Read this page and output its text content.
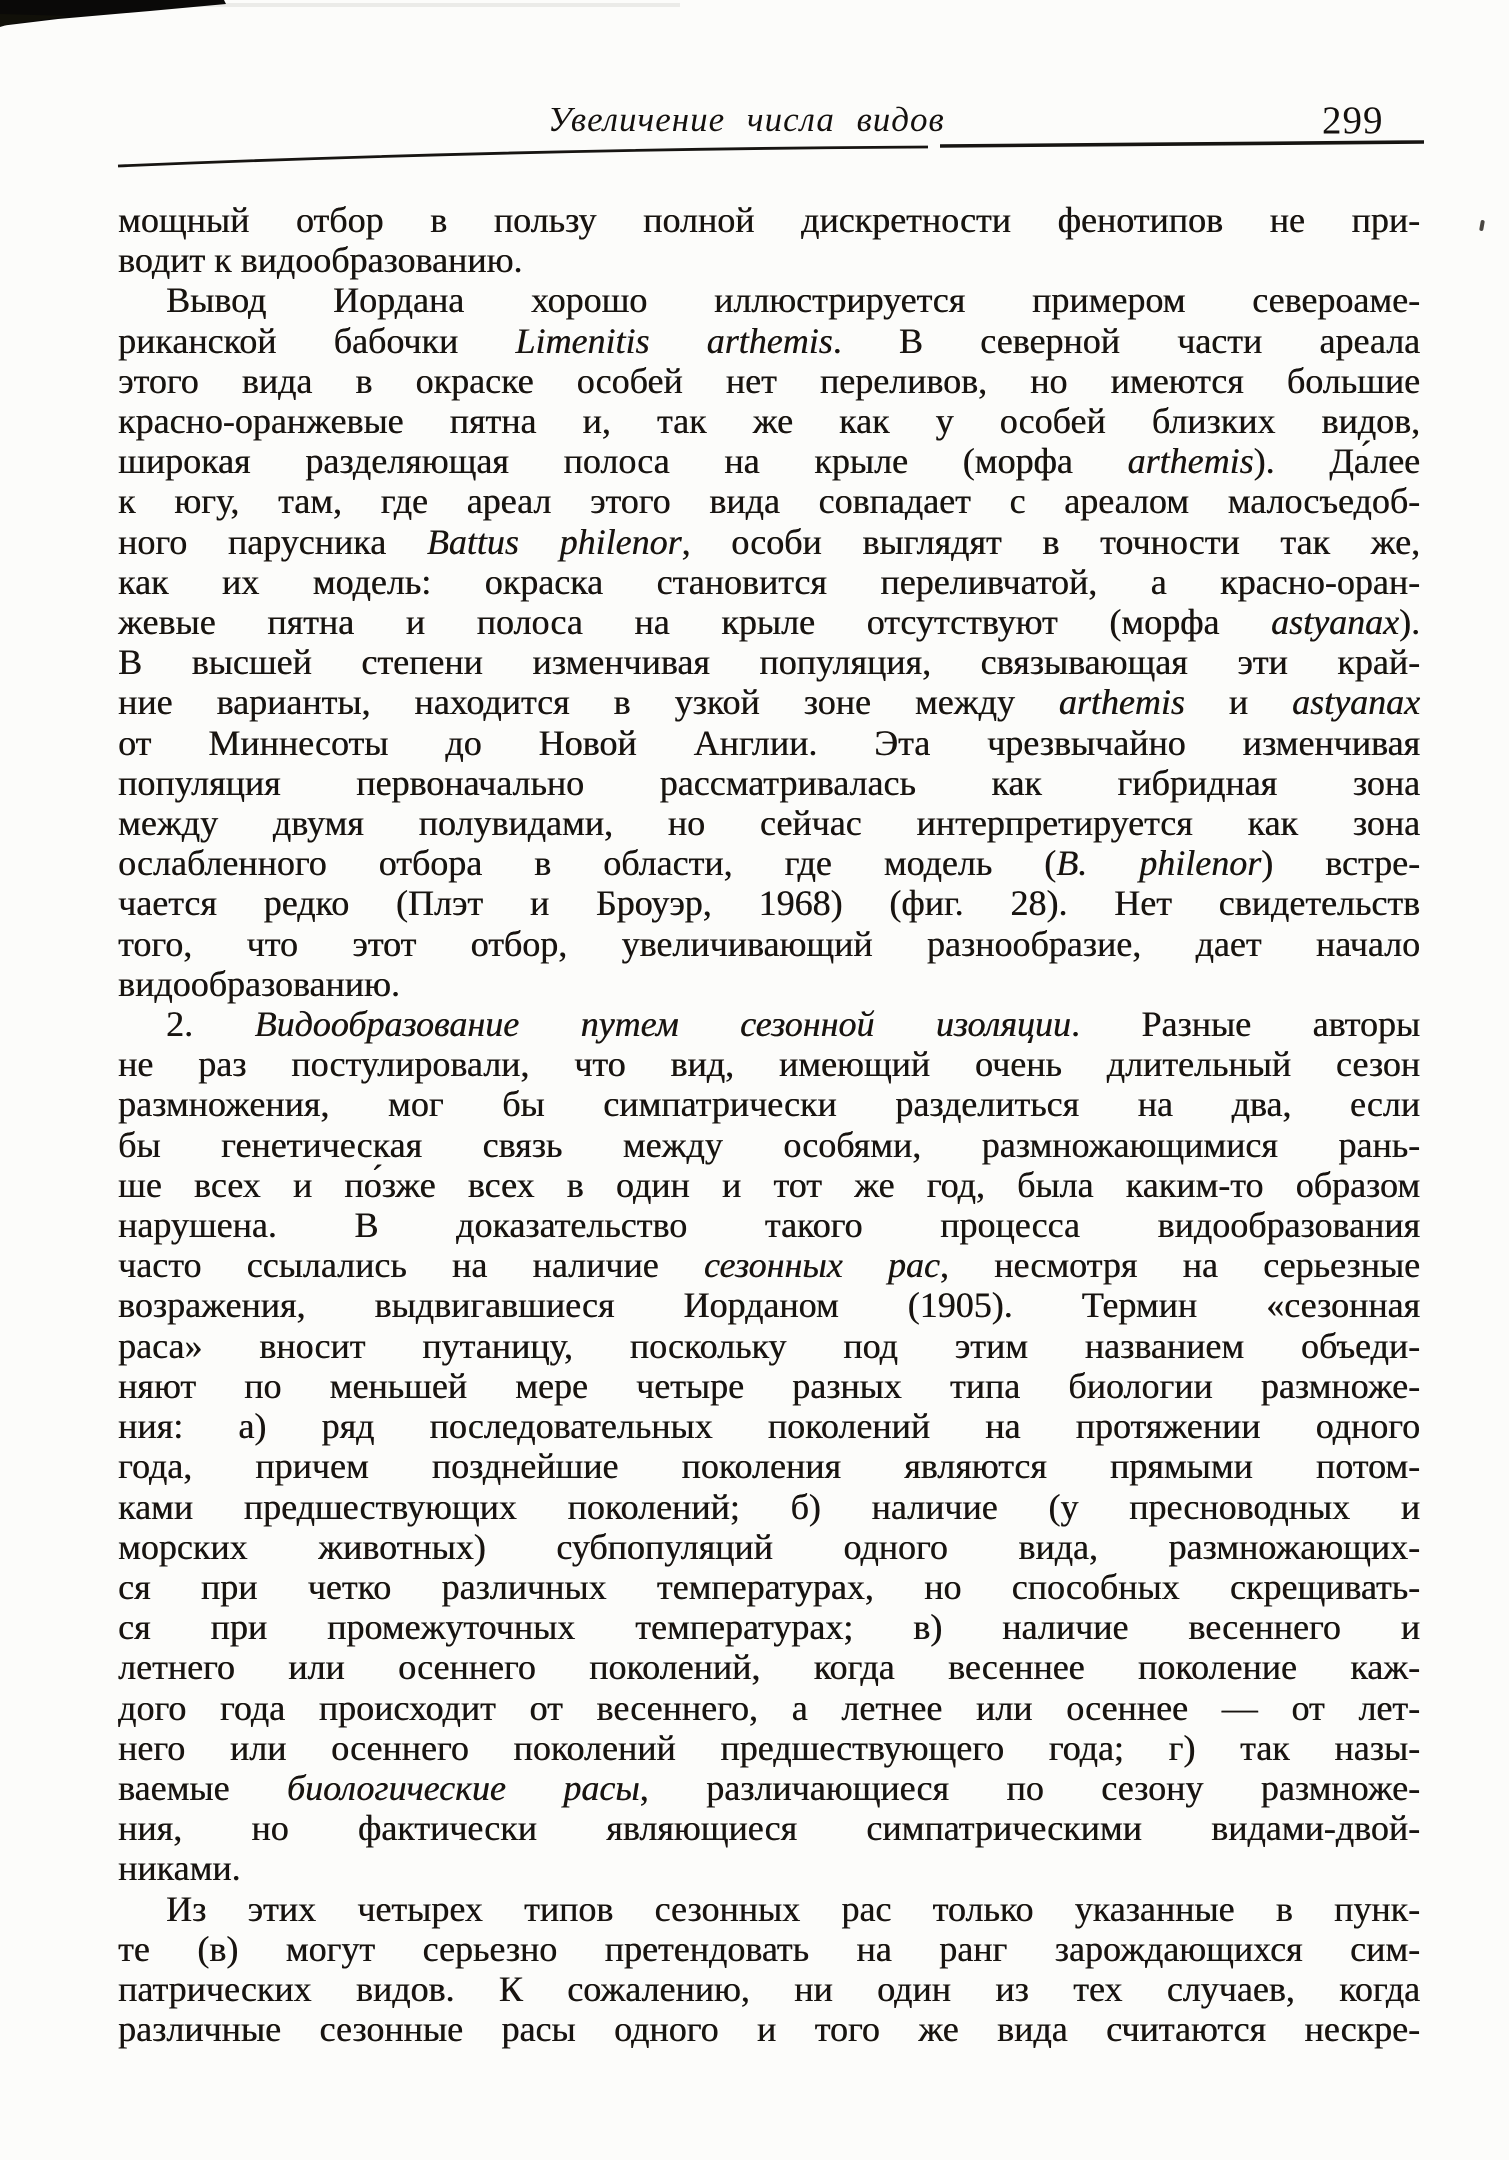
Увеличение числа видов	299
мощный отбор в пользу полной дискретности фенотипов не при-
водит к видообразованию.
Вывод Иордана хорошо иллюстрируется примером североаме-
риканской бабочки Limenitis arthemis. В северной части ареала
этого вида в окраске особей нет переливов, но имеются большие
красно-оранжевые пятна и, так же как у особей близких видов,
широкая разделяющая полоса на крыле (морфа arthemis). Да́лее
к югу, там, где ареал этого вида совпадает с ареалом малосъедоб-
ного парусника Battus philenor, особи выглядят в точности так же,
как их модель: окраска становится переливчатой, а красно-оран-
жевые пятна и полоса на крыле отсутствуют (морфа astyanax).
В высшей степени изменчивая популяция, связывающая эти край-
ние варианты, находится в узкой зоне между arthemis и astyanax
от Миннесоты до Новой Англии. Эта чрезвычайно изменчивая
популяция первоначально рассматривалась как гибридная зона
между двумя полувидами, но сейчас интерпретируется как зона
ослабленного отбора в области, где модель (B. philenor) встре-
чается редко (Плэт и Броуэр, 1968) (фиг. 28). Нет свидетельств
того, что этот отбор, увеличивающий разнообразие, дает начало
видообразованию.
2. Видообразование путем сезонной изоляции. Разные авторы
не раз постулировали, что вид, имеющий очень длительный сезон
размножения, мог бы симпатрически разделиться на два, если
бы генетическая связь между особями, размножающимися рань-
ше всех и по́зже всех в один и тот же год, была каким-то образом
нарушена. В доказательство такого процесса видообразования
часто ссылались на наличие сезонных рас, несмотря на серьезные
возражения, выдвигавшиеся Иорданом (1905). Термин «сезонная
раса» вносит путаницу, поскольку под этим названием объеди-
няют по меньшей мере четыре разных типа биологии размноже-
ния: а) ряд последовательных поколений на протяжении одного
года, причем позднейшие поколения являются прямыми потом-
ками предшествующих поколений; б) наличие (у пресноводных и
морских животных) субпопуляций одного вида, размножающих-
ся при четко различных температурах, но способных скрещивать-
ся при промежуточных температурах; в) наличие весеннего и
летнего или осеннего поколений, когда весеннее поколение каж-
дого года происходит от весеннего, а летнее или осеннее — от лет-
него или осеннего поколений предшествующего года; г) так назы-
ваемые биологические расы, различающиеся по сезону размноже-
ния, но фактически являющиеся симпатрическими видами-двой-
никами.
Из этих четырех типов сезонных рас только указанные в пунк-
те (в) могут серьезно претендовать на ранг зарождающихся сим-
патрических видов. К сожалению, ни один из тех случаев, когда
различные сезонные расы одного и того же вида считаются нескре-
